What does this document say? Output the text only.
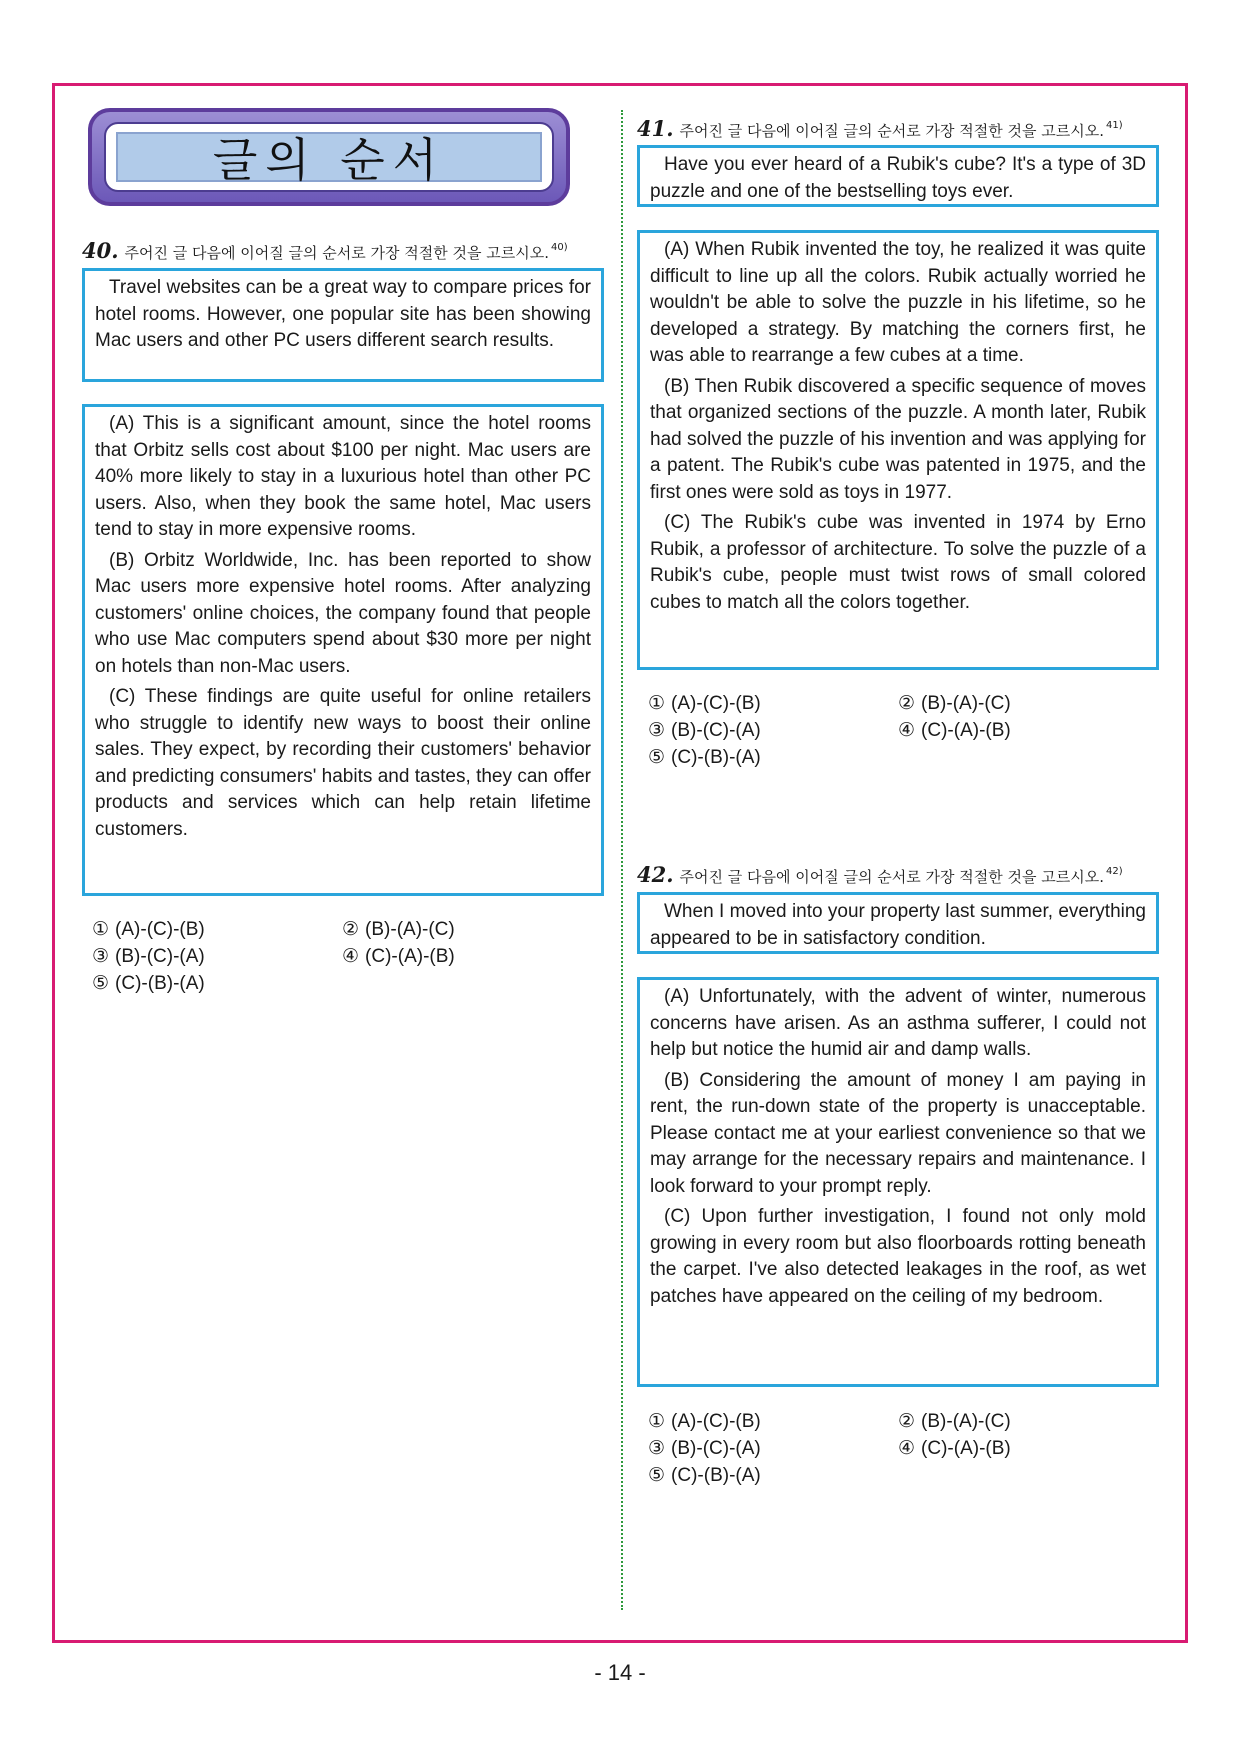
글의 순서
40. 주어진 글 다음에 이어질 글의 순서로 가장 적절한 것을 고르시오. 40)

Travel websites can be a great way to compare prices for hotel rooms. However, one popular site has been showing Mac users and other PC users different search results.

(A) This is a significant amount, since the hotel rooms that Orbitz sells cost about $100 per night. Mac users are 40% more likely to stay in a luxurious hotel than other PC users. Also, when they book the same hotel, Mac users tend to stay in more expensive rooms.

(B) Orbitz Worldwide, Inc. has been reported to show Mac users more expensive hotel rooms. After analyzing customers' online choices, the company found that people who use Mac computers spend about $30 more per night on hotels than non-Mac users.

(C) These findings are quite useful for online retailers who struggle to identify new ways to boost their online sales. They expect, by recording their customers' behavior and predicting consumers' habits and tastes, they can offer products and services which can help retain lifetime customers.

① (A)-(C)-(B)	② (B)-(A)-(C)
③ (B)-(C)-(A)	④ (C)-(A)-(B)
⑤ (C)-(B)-(A)
41. 주어진 글 다음에 이어질 글의 순서로 가장 적절한 것을 고르시오. 41)

Have you ever heard of a Rubik's cube? It's a type of 3D puzzle and one of the bestselling toys ever.

(A) When Rubik invented the toy, he realized it was quite difficult to line up all the colors. Rubik actually worried he wouldn't be able to solve the puzzle in his lifetime, so he developed a strategy. By matching the corners first, he was able to rearrange a few cubes at a time.

(B) Then Rubik discovered a specific sequence of moves that organized sections of the puzzle. A month later, Rubik had solved the puzzle of his invention and was applying for a patent. The Rubik's cube was patented in 1975, and the first ones were sold as toys in 1977.

(C) The Rubik's cube was invented in 1974 by Erno Rubik, a professor of architecture. To solve the puzzle of a Rubik's cube, people must twist rows of small colored cubes to match all the colors together.

① (A)-(C)-(B)	② (B)-(A)-(C)
③ (B)-(C)-(A)	④ (C)-(A)-(B)
⑤ (C)-(B)-(A)
42. 주어진 글 다음에 이어질 글의 순서로 가장 적절한 것을 고르시오. 42)

When I moved into your property last summer, everything appeared to be in satisfactory condition.

(A) Unfortunately, with the advent of winter, numerous concerns have arisen. As an asthma sufferer, I could not help but notice the humid air and damp walls.

(B) Considering the amount of money I am paying in rent, the run-down state of the property is unacceptable. Please contact me at your earliest convenience so that we may arrange for the necessary repairs and maintenance. I look forward to your prompt reply.

(C) Upon further investigation, I found not only mold growing in every room but also floorboards rotting beneath the carpet. I've also detected leakages in the roof, as wet patches have appeared on the ceiling of my bedroom.

① (A)-(C)-(B)	② (B)-(A)-(C)
③ (B)-(C)-(A)	④ (C)-(A)-(B)
⑤ (C)-(B)-(A)
- 14 -
